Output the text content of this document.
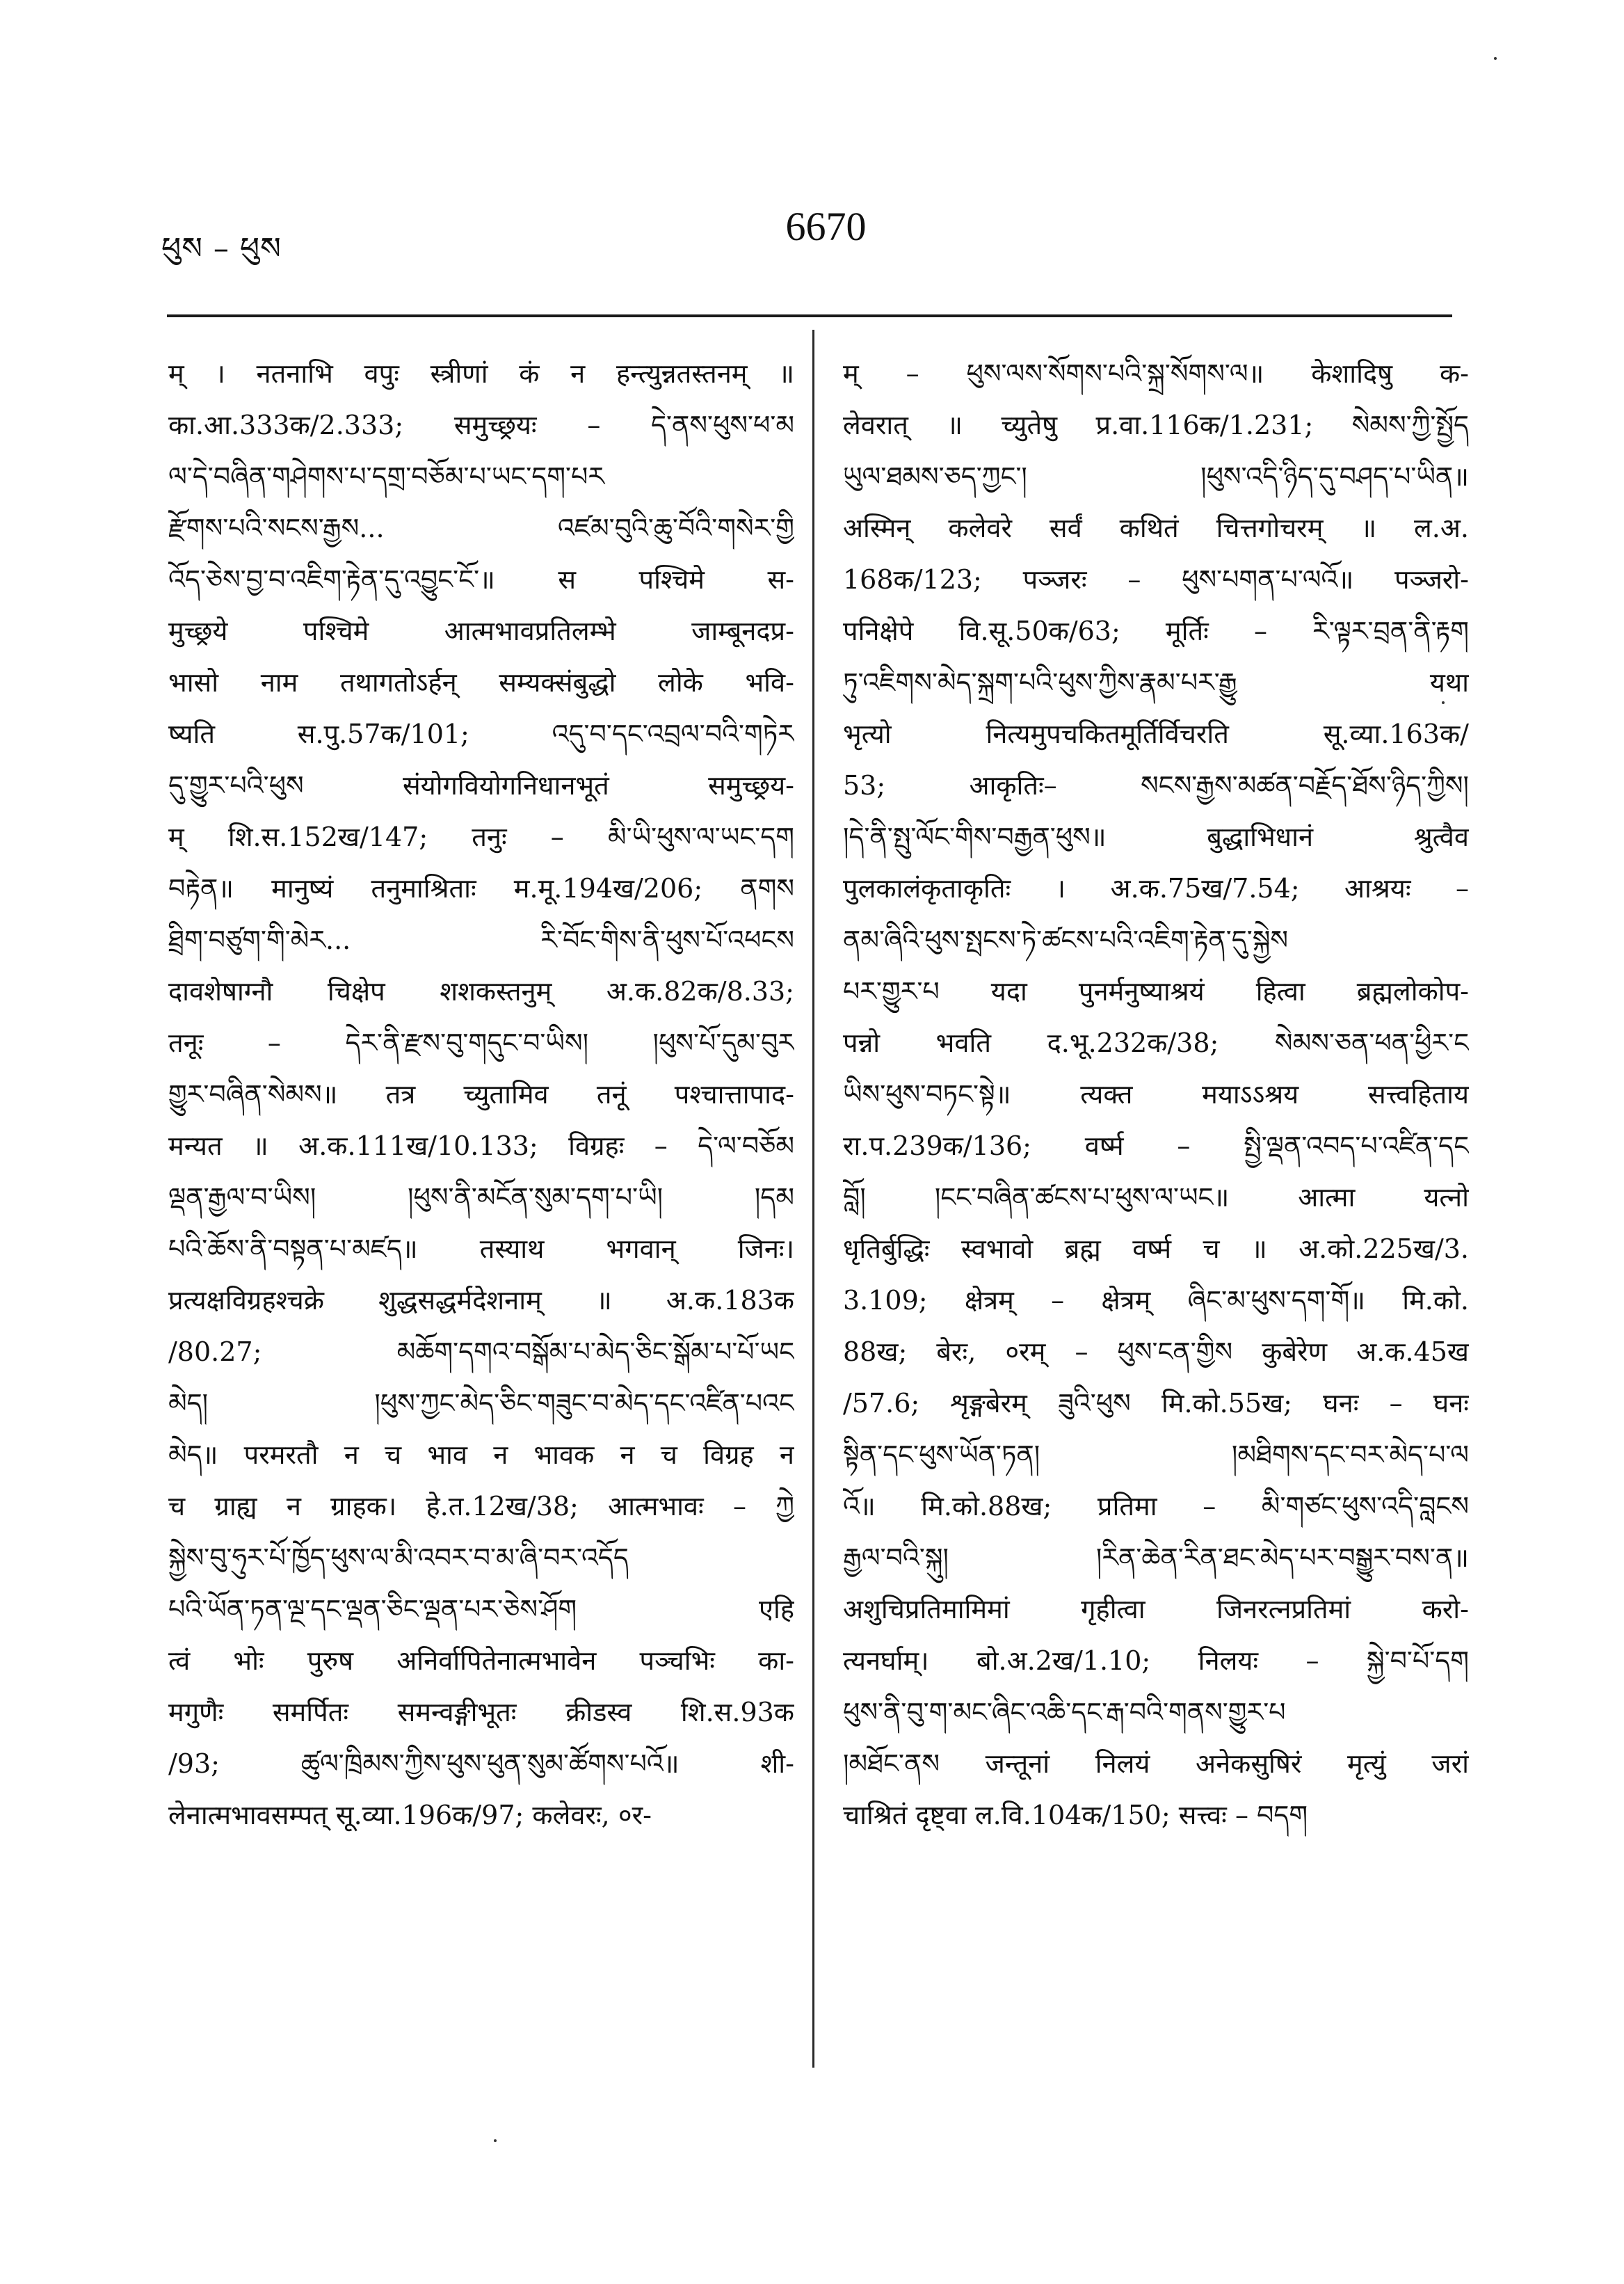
ཕུས – ཕུས	6670
म् । नतनाभि वपुः स्त्रीणां कं न हन्त्युन्नतस्तनम् ॥
का.आ.333क/2.333; समुच्छ्रयः – དེ་ནས་ཕུས་ཕ་མ
ལ་དེ་བཞིན་གཤེགས་པ་དགྲ་བཅོམ་པ་ཡང་དག་པར
རྫོགས་པའི་སངས་རྒྱས... འཛམ་བུའི་ཆུ་བོའི་གསེར་གྱི
འོད་ཅེས་བྱ་བ་འཇིག་རྟེན་དུ་འབྱུང་ངོ་॥ स पश्चिमे स-
मुच्छ्रये पश्चिमे आत्मभावप्रतिलम्भे जाम्बूनदप्र-
भासो नाम तथागतोऽर्हन् सम्यक्संबुद्धो लोके भवि-
ष्यति स.पु.57क/101; འདུ་བ་དང་འབྲལ་བའི་གཏེར
དུ་གྱུར་པའི་ཕུས संयोगवियोगनिधानभूतं समुच्छ्रय-
म् शि.स.152ख/147; तनुः – མི་ཡི་ཕུས་ལ་ཡང་དག
བརྟེན॥ मानुष्यं तनुमाश्रिताः म.मू.194ख/206; ནགས
ཐྲིག་བཙུག་གི་མེར... རི་བོང་གིས་ནི་ཕུས་པོ་འཕངས
दावशेषाग्नौ चिक्षेप शशकस्तनुम् अ.क.82क/8.33;
तनूः – དེར་ནི་རྫས་བུ་གདུང་བ་ཡིས། །ཕུས་པོ་དུམ་བུར
གྱུར་བཞིན་སེམས॥ तत्र च्युतामिव तनूं पश्चात्तापाद-
मन्यत ॥ अ.क.111ख/10.133; विग्रहः – དེ་ལ་བཅོམ
ལྡན་རྒྱལ་བ་ཡིས། །ཕུས་ནི་མངོན་སུམ་དག་པ་ཡི། །དམ
པའི་ཆོས་ནི་བསྟན་པ་མཛད॥ तस्याथ भगवान् जिनः।
प्रत्यक्षविग्रहश्चक्रे शुद्धसद्धर्मदेशनाम् ॥ अ.क.183क
/80.27; མཆོག་དགའ་བསྒོམ་པ་མེད་ཅིང་སྒོམ་པ་པོ་ཡང
མེད། །ཕུས་ཀྱང་མེད་ཅིང་གཟུང་བ་མེད་དང་འཛིན་པའང
མེད॥ परमरतौ न च भाव न भावक न च विग्रह न
च ग्राह्य न ग्राहक। हे.त.12ख/38; आत्मभावः – ཀྱེ
སྐྱེས་བུ་ཧུར་པོ་ཁྱོད་ཕུས་ལ་མི་འབར་བ་མ་ཞི་བར་འདོད
པའི་ཡོན་ཏན་ལྔ་དང་ལྡན་ཅིང་ལྡན་པར་ཅེས་ཤོག एहि
त्वं भोः पुरुष अनिर्वापितेनात्मभावेन पञ्चभिः का-
मगुणैः समर्पितः समन्वङ्गीभूतः क्रीडस्व शि.स.93क
/93; ཚུལ་ཁྲིམས་ཀྱིས་ཕུས་ཕུན་སུམ་ཚོགས་པའོ॥ शी-
लेनात्मभावसम्पत् सू.व्या.196क/97; कलेवरः, ०र-
म् – ཕུས་ལས་སོགས་པའི་སྐྲ་སོགས་ལ॥ केशादिषु क-
लेवरात् ॥ च्युतेषु प्र.वा.116क/1.231; སེམས་ཀྱི་སྤྱོད
ཡུལ་ཐམས་ཅད་ཀྱང་། །ཕུས་འདི་ཉིད་དུ་བཤད་པ་ཡིན॥
अस्मिन् कलेवरे सर्वं कथितं चित्तगोचरम् ॥ ल.अ.
168क/123; पञ्जरः – ཕུས་པགན་པ་ལའོ॥ पञ्जरो-
पनिक्षेपे वि.सू.50क/63; मूर्तिः – རི་ལྟར་བྲན་ནི་རྟག
ཏུ་འཇིགས་མེད་སྐྲག་པའི་ཕུས་ཀྱིས་རྣམ་པར་རྒྱུ यथा
भृत्यो नित्यमुपचकितमूर्तिर्विचरति सू.व्या.163क/
53; आकृतिः– སངས་རྒྱས་མཚན་བརྗོད་ཐོས་ཉིད་ཀྱིས།
།དེ་ནི་སྤུ་ལོང་གིས་བརྒྱན་ཕུས॥ बुद्धाभिधानं श्रुत्वैव
पुलकालंकृताकृतिः । अ.क.75ख/7.54; आश्रयः –
ནམ་ཞིའི་ཕུས་སྤངས་ཏེ་ཚངས་པའི་འཇིག་རྟེན་དུ་སྐྱེས
པར་གྱུར་པ यदा पुनर्मनुष्याश्रयं हित्वा ब्रह्मलोकोप-
पन्नो भवति द.भू.232क/38; སེམས་ཅན་ཕན་ཕྱིར་ང
ཡིས་ཕུས་བཏང་སྟེ॥ त्यक्त मयाऽऽश्रय सत्त्वहिताय
रा.प.239क/136; वर्ष्म – སྤྱི་ལྡན་འབད་པ་འཛིན་དང
བློ། །ངང་བཞིན་ཚངས་པ་ཕུས་ལ་ཡང॥ आत्मा यत्नो
धृतिर्बुद्धिः स्वभावो ब्रह्म वर्ष्म च ॥ अ.को.225ख/3.
3.109; क्षेत्रम् – क्षेत्रम् ཞིང་མ་ཕུས་དག་གོ॥ मि.को.
88ख; बेरः, ०रम् – ཕུས་ངན་གྱིས कुबेरेण अ.क.45ख
/57.6; शृङ्गबेरम् ཟུའི་ཕུས मि.को.55ख; घनः – घनः
སྟིན་དང་ཕུས་ཡོན་ཏན། །མཐིགས་དང་བར་མེད་པ་ལ
འོ॥ मि.को.88ख; प्रतिमा – མི་གཙང་ཕུས་འདི་བླངས
རྒྱལ་བའི་སྐུ། །རིན་ཆེན་རིན་ཐང་མེད་པར་བསྒྱུར་བས་ན॥
अशुचिप्रतिमामिमां गृहीत्वा जिनरत्नप्रतिमां करो-
त्यनर्घाम्। बो.अ.2ख/1.10; निलयः – སྐྱེ་བ་པོ་དག
ཕུས་ནི་བུ་ག་མང་ཞིང་འཆི་དང་རྒ་བའི་གནས་གྱུར་པ
།མཐོང་ནས जन्तूनां निलयं अनेकसुषिरं मृत्युं जरां
चाश्रितं दृष्ट्वा ल.वि.104क/150; सत्त्वः – བདག
